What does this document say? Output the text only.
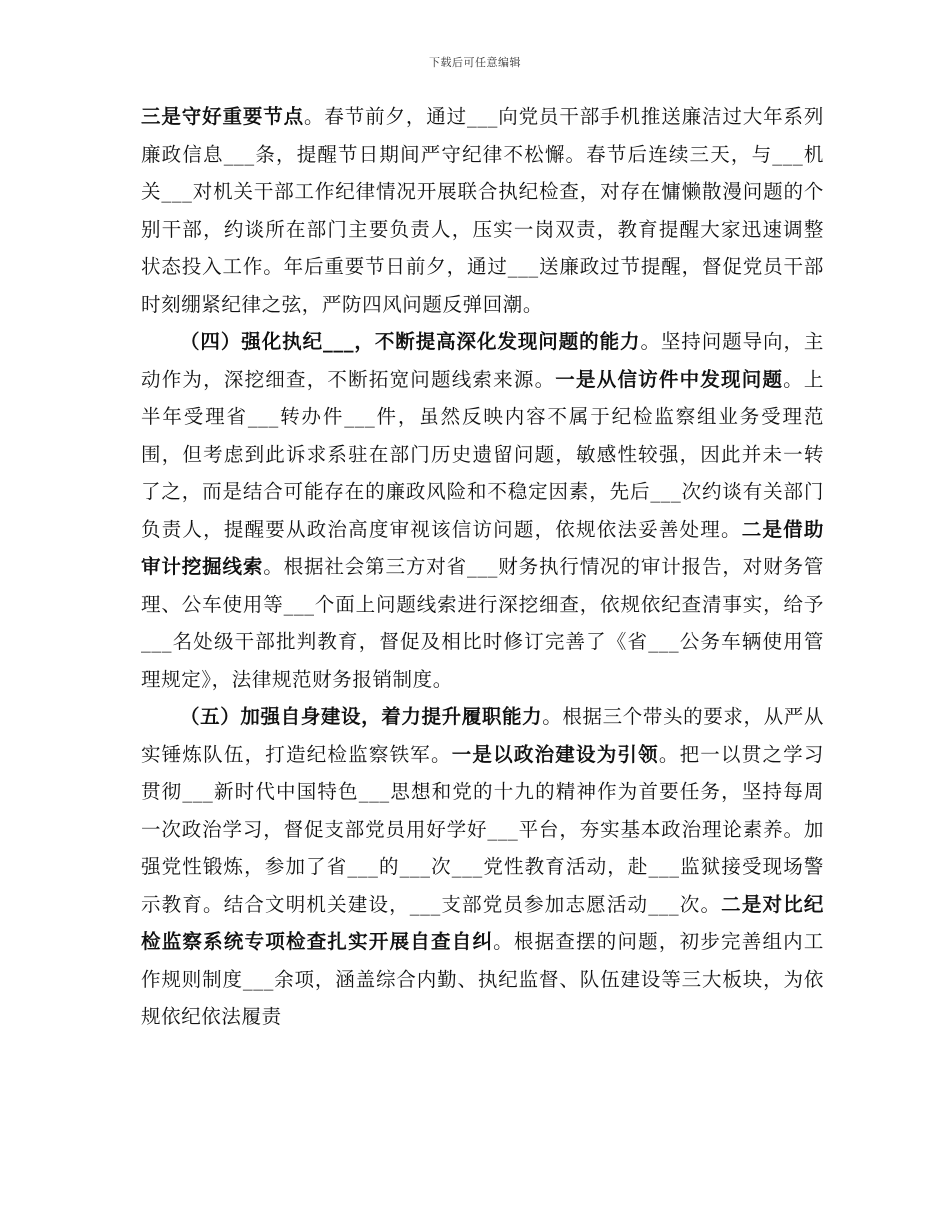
下载后可任意编辑

三是守好重要节点。春节前夕，通过___向党员干部手机推送廉洁过大年系列廉政信息___条，提醒节日期间严守纪律不松懈。春节后连续三天，与___机关___对机关干部工作纪律情况开展联合执纪检查，对存在慵懒散漫问题的个别干部，约谈所在部门主要负责人，压实一岗双责，教育提醒大家迅速调整状态投入工作。年后重要节日前夕，通过___送廉政过节提醒，督促党员干部时刻绷紧纪律之弦，严防四风问题反弹回潮。

（四）强化执纪___，不断提高深化发现问题的能力。坚持问题导向，主动作为，深挖细查，不断拓宽问题线索来源。一是从信访件中发现问题。上半年受理省___转办件___件，虽然反映内容不属于纪检监察组业务受理范围，但考虑到此诉求系驻在部门历史遗留问题，敏感性较强，因此并未一转了之，而是结合可能存在的廉政风险和不稳定因素，先后___次约谈有关部门负责人，提醒要从政治高度审视该信访问题，依规依法妥善处理。二是借助审计挖掘线索。根据社会第三方对省___财务执行情况的审计报告，对财务管理、公车使用等___个面上问题线索进行深挖细查，依规依纪查清事实，给予___名处级干部批判教育，督促及相比时修订完善了《省___公务车辆使用管理规定》，法律规范财务报销制度。

（五）加强自身建设，着力提升履职能力。根据三个带头的要求，从严从实锤炼队伍，打造纪检监察铁军。一是以政治建设为引领。把一以贯之学习贯彻___新时代中国特色___思想和党的十九的精神作为首要任务，坚持每周一次政治学习，督促支部党员用好学好___平台，夯实基本政治理论素养。加强党性锻炼，参加了省___的___次___党性教育活动，赴___监狱接受现场警示教育。结合文明机关建设，___支部党员参加志愿活动___次。二是对比纪检监察系统专项检查扎实开展自查自纠。根据查摆的问题，初步完善组内工作规则制度___余项，涵盖综合内勤、执纪监督、队伍建设等三大板块，为依规依纪依法履责
